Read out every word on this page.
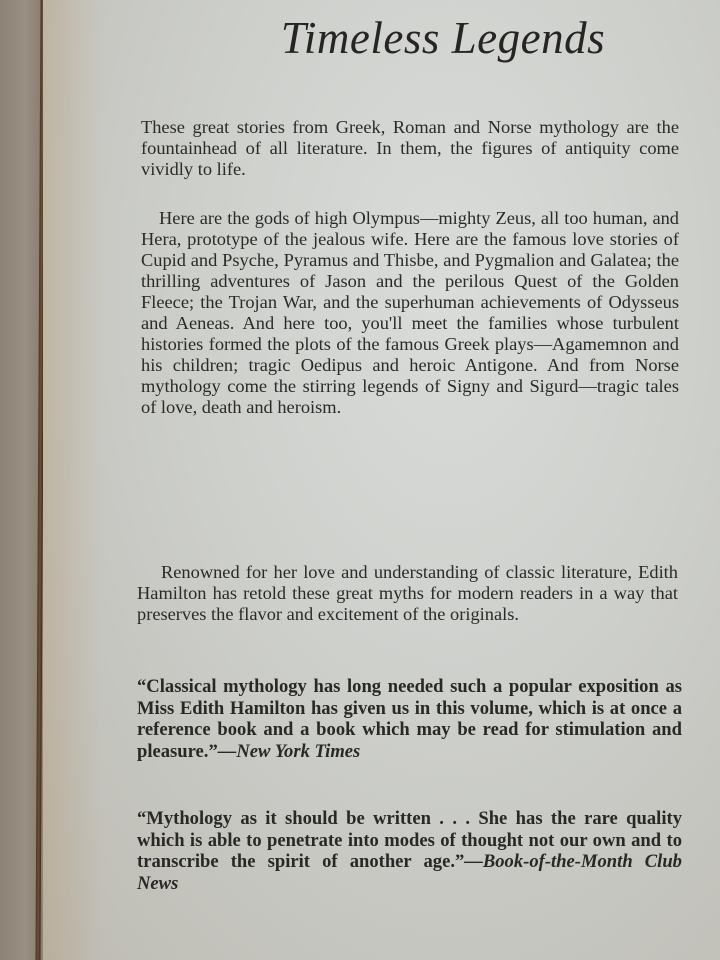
Timeless Legends

These great stories from Greek, Roman and Norse mythology are the fountainhead of all literature. In them, the figures of antiquity come vividly to life.

Here are the gods of high Olympus—mighty Zeus, all too human, and Hera, prototype of the jealous wife. Here are the famous love stories of Cupid and Psyche, Pyramus and Thisbe, and Pygmalion and Galatea; the thrilling adventures of Jason and the perilous Quest of the Golden Fleece; the Trojan War, and the superhuman achievements of Odysseus and Aeneas. And here too, you'll meet the families whose turbulent histories formed the plots of the famous Greek plays—Agamemnon and his children; tragic Oedipus and heroic Antigone. And from Norse mythology come the stirring legends of Signy and Sigurd—tragic tales of love, death and heroism.

Renowned for her love and understanding of classic literature, Edith Hamilton has retold these great myths for modern readers in a way that preserves the flavor and excitement of the originals.

“Classical mythology has long needed such a popular exposition as Miss Edith Hamilton has given us in this volume, which is at once a reference book and a book which may be read for stimulation and pleasure.”—New York Times

“Mythology as it should be written . . . She has the rare quality which is able to penetrate into modes of thought not our own and to transcribe the spirit of another age.”—Book-of-the-Month Club News
